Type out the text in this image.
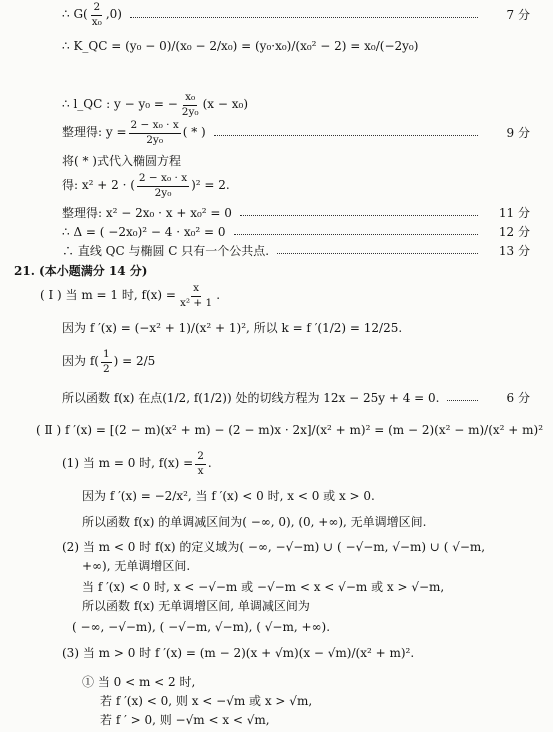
∴ $G( \frac{2}{\text{x₀}} ,0)$	7 分
∴ K_QC = (y₀ − 0)/(x₀ − 2/x₀) = (y₀·x₀)/(x₀² − 2) = x₀/(−2y₀)
∴ l_QC : y − y₀ = − $\frac{\text{x₀}}{\text{2y₀}} (x - x_0)$
整理得: $y = \frac{\text{2 − x₀ · x}}{\text{2y₀}}$ ( * )	9 分
将( * )式代入椭圆方程
得: x² + 2 · ( $\frac{\text{2 − x₀ · x}}{\text{2y₀}} )^2 = 2$.
整理得: x² − 2x₀ · x + x₀² = 0	11 分
∴ Δ = ( −2x₀)² − 4 · x₀² = 0	12 分
∴ 直线 QC 与椭圆 C 只有一个公共点.	13 分
21. (本小题满分 14 分)
( Ⅰ ) 当 m = 1 时, $f(x) = \frac{x}{\text{x² + 1}}$ .
因为 f ′(x) = (−x² + 1)/(x² + 1)², 所以 k = f ′(1/2) = 12/25.
因为 $f( \frac{1}{2}$ ) = 2/5
所以函数 f(x) 在点(1/2, f(1/2)) 处的切线方程为 12x − 25y + 4 = 0.	6 分
( Ⅱ ) f ′(x) = [(2 − m)(x² + m) − (2 − m)x · 2x]/(x² + m)² = (m − 2)(x² − m)/(x² + m)²
(1) 当 m = 0 时, $f(x) = \frac{2}{x}$ .
因为 f ′(x) = −2/x², 当 f ′(x) < 0 时, x < 0 或 x > 0.
所以函数 f(x) 的单调减区间为( −∞, 0), (0, +∞), 无单调增区间.
(2) 当 m < 0 时 f(x) 的定义域为( −∞, −√−m) ∪ ( −√−m, √−m) ∪ ( √−m,
+∞), 无单调增区间.
当 f ′(x) < 0 时, x < −√−m 或 −√−m < x < √−m 或 x > √−m,
所以函数 f(x) 无单调增区间, 单调减区间为
( −∞, −√−m), ( −√−m, √−m), ( √−m, +∞).
(3) 当 m > 0 时 f ′(x) = (m − 2)(x + √m)(x − √m)/(x² + m)².
① 当 0 < m < 2 时,
若 f ′(x) < 0, 则 x < −√m 或 x > √m,
若 f ′ > 0, 则 −√m < x < √m,
